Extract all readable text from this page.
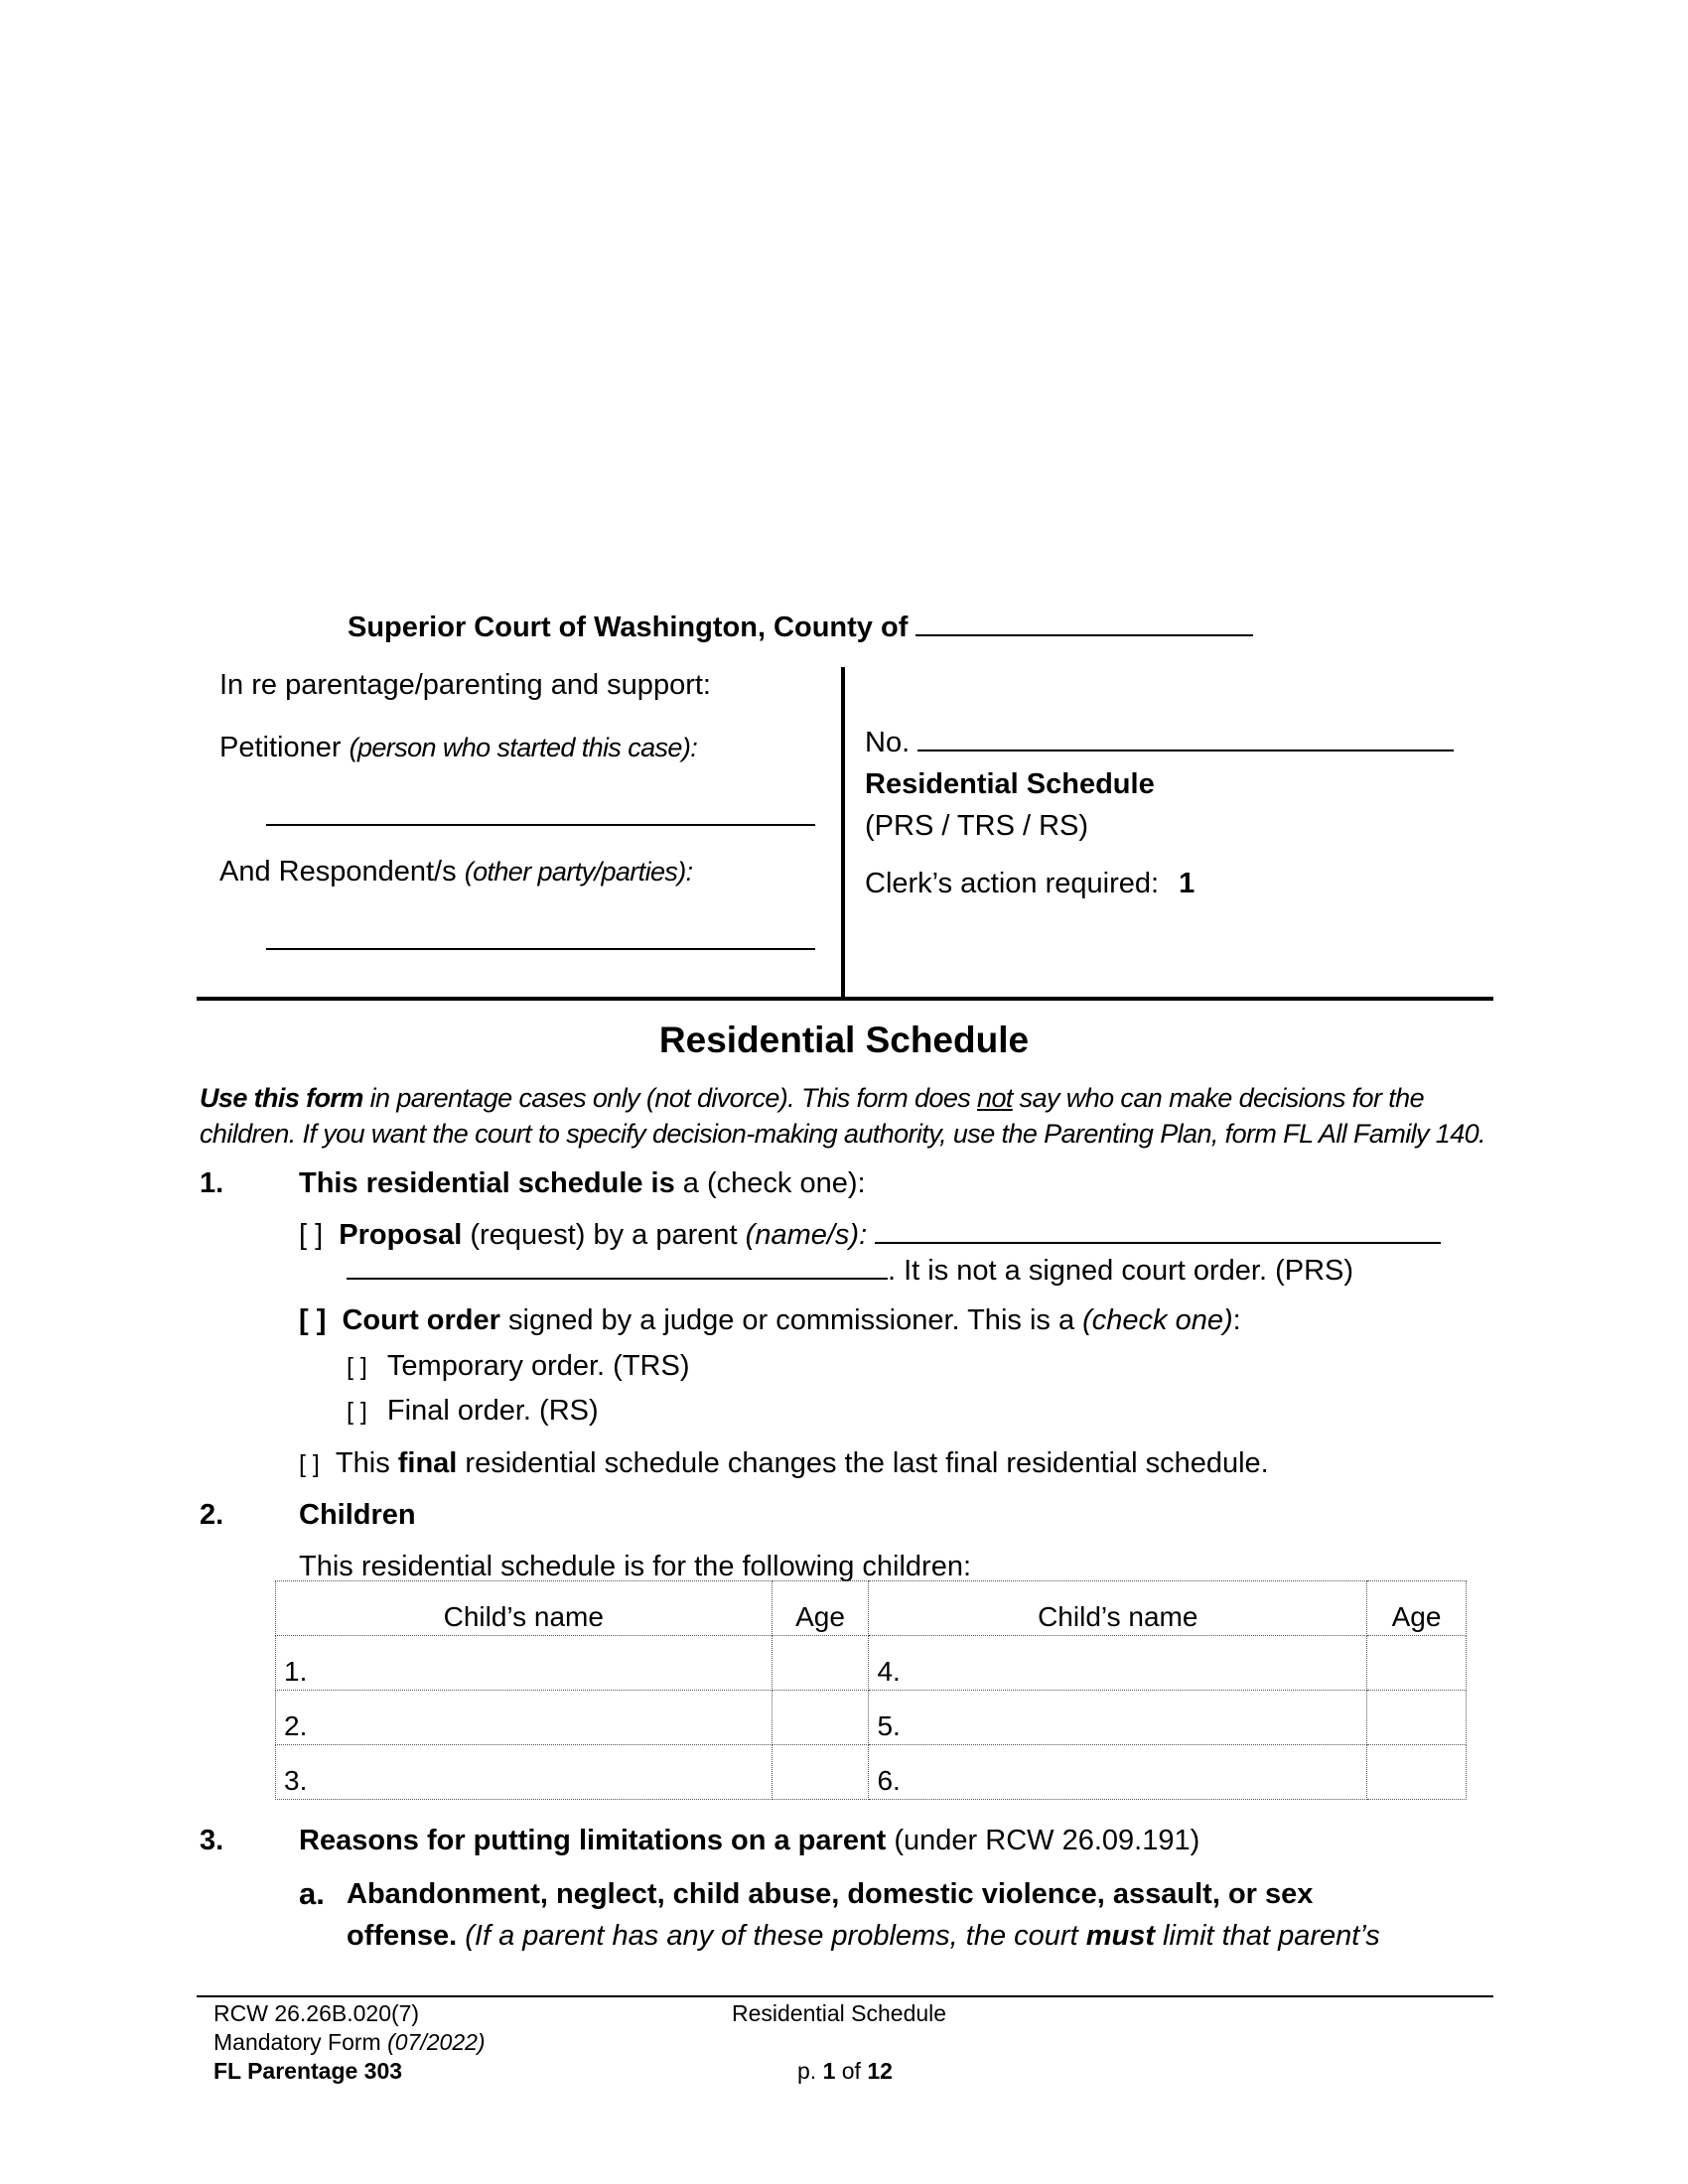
Superior Court of Washington, County of
In re parentage/parenting and support:
Petitioner (person who started this case):
And Respondent/s (other party/parties):
No.
Residential Schedule
(PRS / TRS / RS)
Clerk’s action required: 1
Residential Schedule
Use this form in parentage cases only (not divorce). This form does not say who can make decisions for the
children. If you want the court to specify decision-making authority, use the Parenting Plan, form FL All Family 140.
1.	This residential schedule is a (check one):
[ ] Proposal (request) by a parent (name/s):
. It is not a signed court order. (PRS)
[ ] Court order signed by a judge or commissioner. This is a (check one):
[ ] Temporary order. (TRS)
[ ] Final order. (RS)
[ ] This final residential schedule changes the last final residential schedule.
2.	Children
This residential schedule is for the following children:
Child’s name	Age	Child’s name	Age
1.		4.	
2.		5.	
3.		6.	
3.	Reasons for putting limitations on a parent (under RCW 26.09.191)
a. Abandonment, neglect, child abuse, domestic violence, assault, or sex
offense. (If a parent has any of these problems, the court must limit that parent’s
RCW 26.26B.020(7)
Mandatory Form (07/2022)
FL Parentage 303
Residential Schedule
p. 1 of 12
